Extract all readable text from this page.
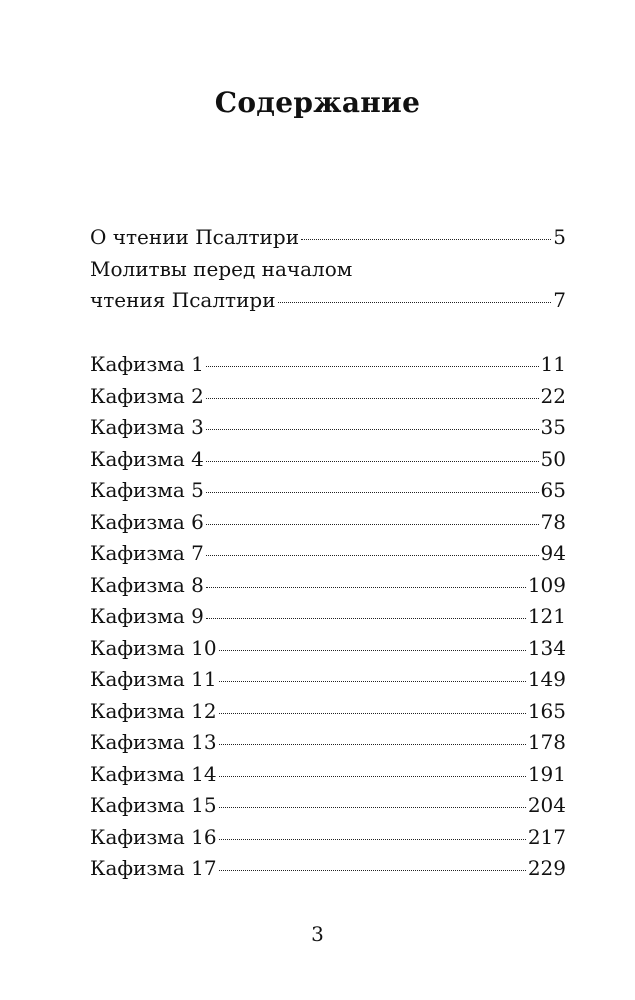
Содержание
О чтении Псалтири	5
Молитвы перед началом
чтения Псалтири	7
Кафизма 1	11
Кафизма 2	22
Кафизма 3	35
Кафизма 4	50
Кафизма 5	65
Кафизма 6	78
Кафизма 7	94
Кафизма 8	109
Кафизма 9	121
Кафизма 10	134
Кафизма 11	149
Кафизма 12	165
Кафизма 13	178
Кафизма 14	191
Кафизма 15	204
Кафизма 16	217
Кафизма 17	229
3
